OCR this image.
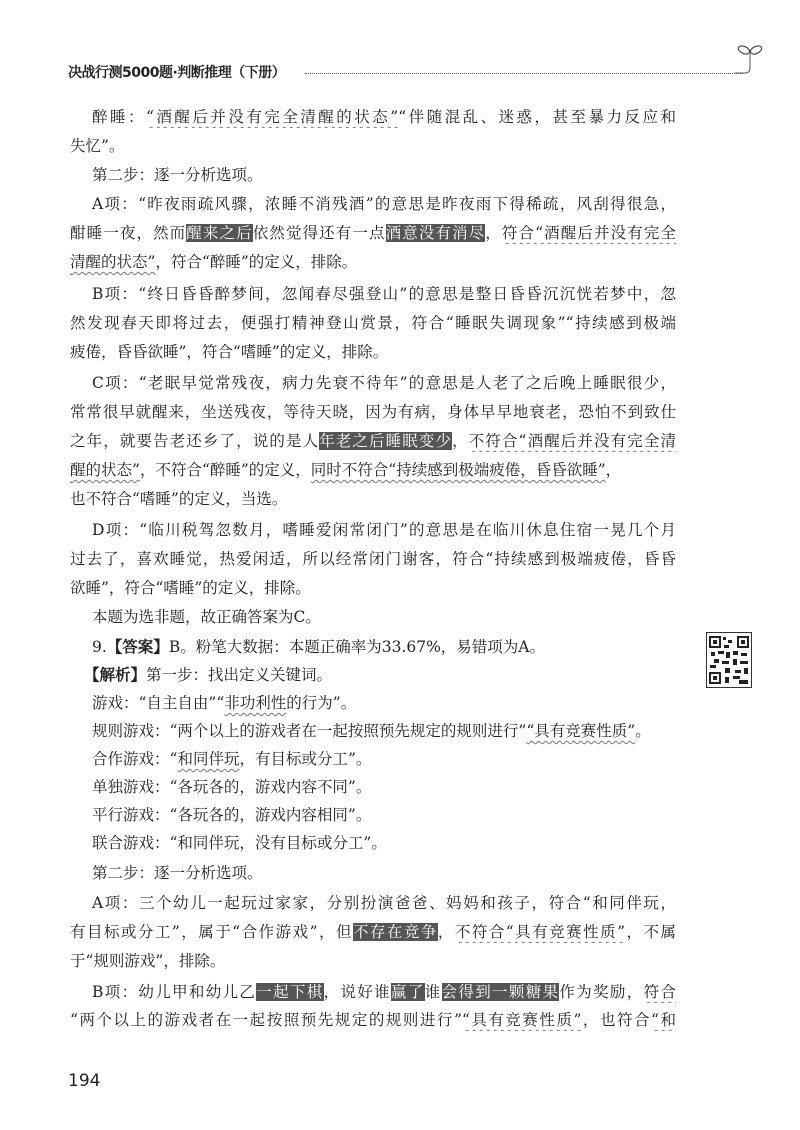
决战行测5000题·判断推理（下册）
醉睡：“酒醒后并没有完全清醒的状态”“伴随混乱、迷惑，甚至暴力反应和
失忆”。
第二步：逐一分析选项。
A项：“昨夜雨疏风骤，浓睡不消残酒”的意思是昨夜雨下得稀疏，风刮得很急，
酣睡一夜，然而醒来之后依然觉得还有一点酒意没有消尽，符合“酒醒后并没有完全
清醒的状态”，符合“醉睡”的定义，排除。
B项：“终日昏昏醉梦间，忽闻春尽强登山”的意思是整日昏昏沉沉恍若梦中，忽
然发现春天即将过去，便强打精神登山赏景，符合“睡眠失调现象”“持续感到极端
疲倦，昏昏欲睡”，符合“嗜睡”的定义，排除。
C项：“老眠早觉常残夜，病力先衰不待年”的意思是人老了之后晚上睡眠很少，
常常很早就醒来，坐送残夜，等待天晓，因为有病，身体早早地衰老，恐怕不到致仕
之年，就要告老还乡了，说的是人年老之后睡眠变少，不符合“酒醒后并没有完全清
醒的状态”，不符合“醉睡”的定义，同时不符合“持续感到极端疲倦，昏昏欲睡”，
也不符合“嗜睡”的定义，当选。
D项：“临川税驾忽数月，嗜睡爱闲常闭门”的意思是在临川休息住宿一晃几个月
过去了，喜欢睡觉，热爱闲适，所以经常闭门谢客，符合“持续感到极端疲倦，昏昏
欲睡”，符合“嗜睡”的定义，排除。
本题为选非题，故正确答案为C。
9.【答案】B。粉笔大数据：本题正确率为33.67%，易错项为A。
【解析】第一步：找出定义关键词。
游戏：“自主自由”“非功利性的行为”。
规则游戏：“两个以上的游戏者在一起按照预先规定的规则进行”“具有竞赛性质”。
合作游戏：“和同伴玩，有目标或分工”。
单独游戏：“各玩各的，游戏内容不同”。
平行游戏：“各玩各的，游戏内容相同”。
联合游戏：“和同伴玩，没有目标或分工”。
第二步：逐一分析选项。
A项：三个幼儿一起玩过家家，分别扮演爸爸、妈妈和孩子，符合“和同伴玩，
有目标或分工”，属于“合作游戏”，但不存在竞争，不符合“具有竞赛性质”，不属
于“规则游戏”，排除。
B项：幼儿甲和幼儿乙一起下棋，说好谁赢了谁会得到一颗糖果作为奖励，符合
“两个以上的游戏者在一起按照预先规定的规则进行”“具有竞赛性质”，也符合“和
194
